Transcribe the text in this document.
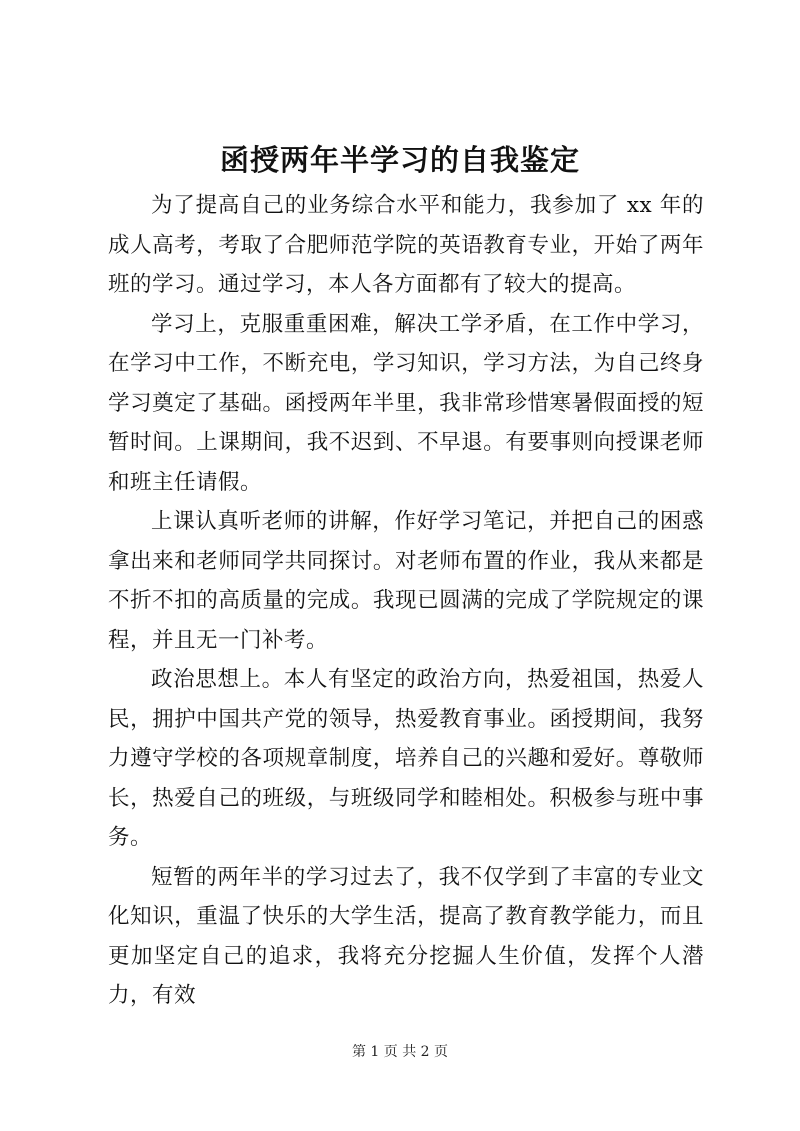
函授两年半学习的自我鉴定

为了提高自己的业务综合水平和能力，我参加了 xx 年的成人高考，考取了合肥师范学院的英语教育专业，开始了两年班的学习。通过学习，本人各方面都有了较大的提高。

学习上，克服重重困难，解决工学矛盾，在工作中学习，在学习中工作，不断充电，学习知识，学习方法，为自己终身学习奠定了基础。函授两年半里，我非常珍惜寒暑假面授的短暂时间。上课期间，我不迟到、不早退。有要事则向授课老师和班主任请假。

上课认真听老师的讲解，作好学习笔记，并把自己的困惑拿出来和老师同学共同探讨。对老师布置的作业，我从来都是不折不扣的高质量的完成。我现已圆满的完成了学院规定的课程，并且无一门补考。

政治思想上。本人有坚定的政治方向，热爱祖国，热爱人民，拥护中国共产党的领导，热爱教育事业。函授期间，我努力遵守学校的各项规章制度，培养自己的兴趣和爱好。尊敬师长，热爱自己的班级，与班级同学和睦相处。积极参与班中事务。

短暂的两年半的学习过去了，我不仅学到了丰富的专业文化知识，重温了快乐的大学生活，提高了教育教学能力，而且更加坚定自己的追求，我将充分挖掘人生价值，发挥个人潜力，有效

第 1 页 共 2 页
